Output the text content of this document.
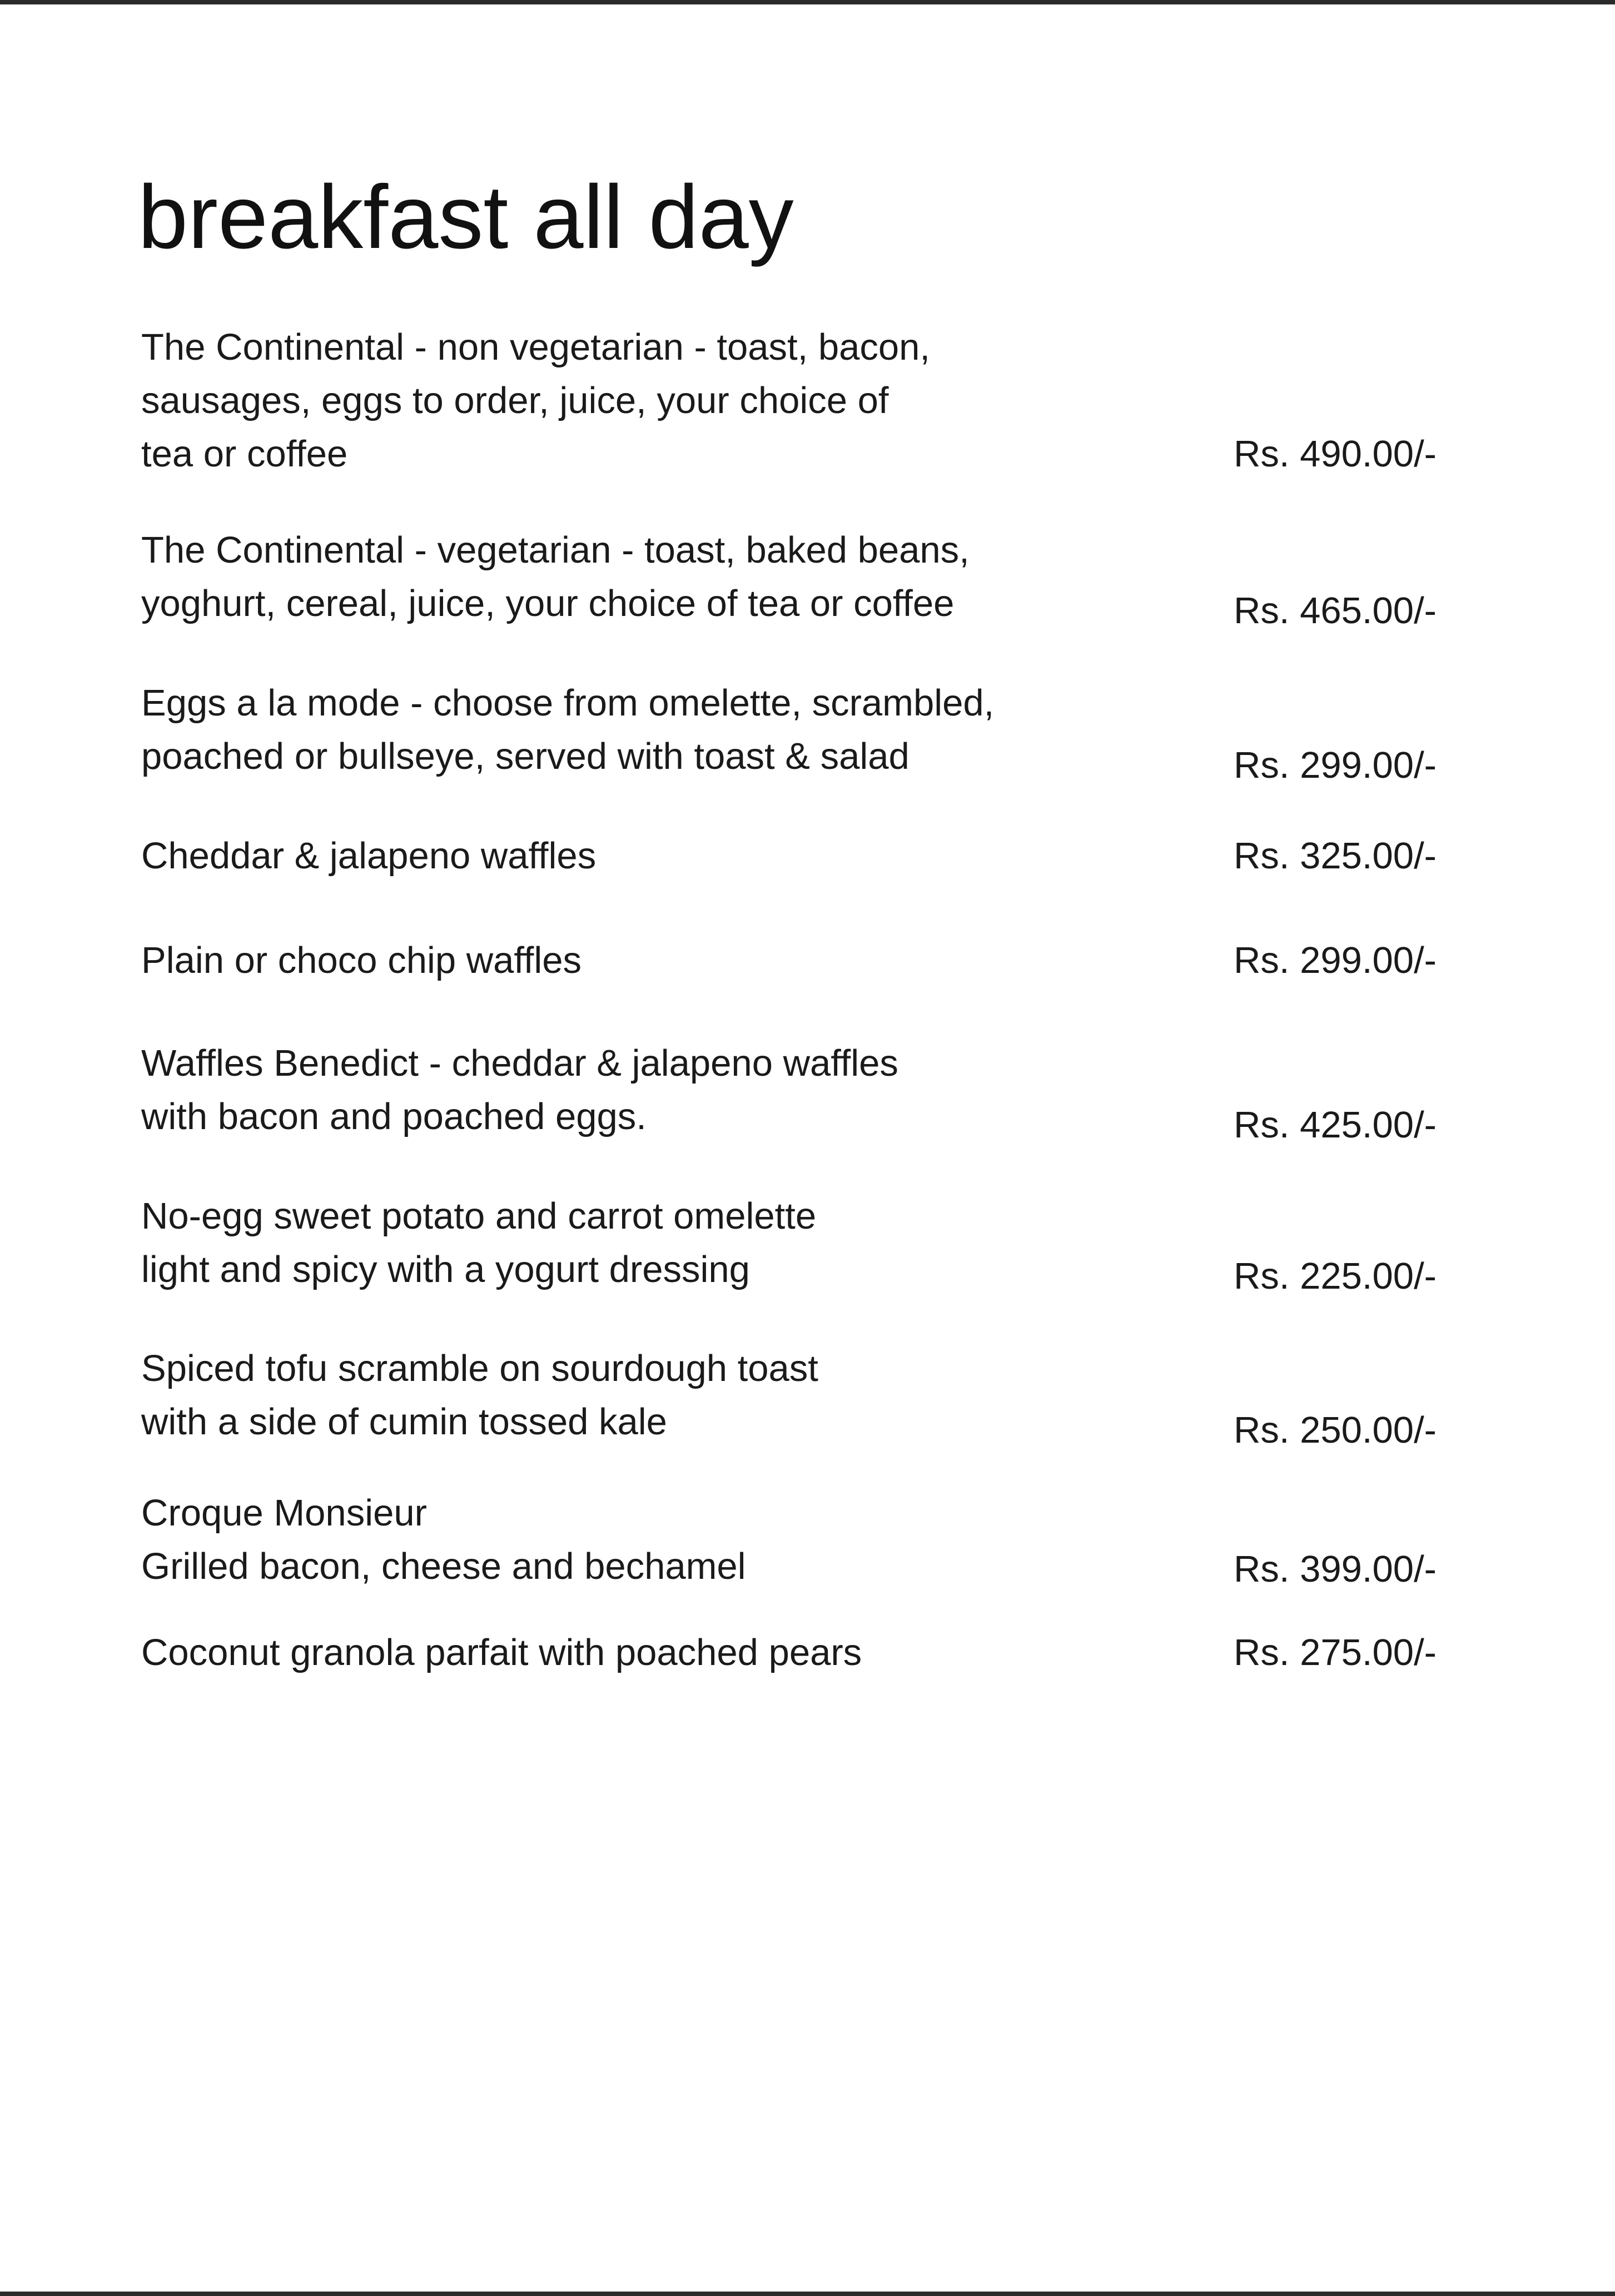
breakfast all day
The Continental - non vegetarian - toast, bacon,
sausages, eggs to order, juice, your choice of
tea or coffee	Rs. 490.00/-
The Continental - vegetarian - toast, baked beans,
yoghurt, cereal, juice, your choice of tea or coffee	Rs. 465.00/-
Eggs a la mode - choose from omelette, scrambled,
poached or bullseye, served with toast & salad	Rs. 299.00/-
Cheddar & jalapeno waffles	Rs. 325.00/-
Plain or choco chip waffles	Rs. 299.00/-
Waffles Benedict - cheddar & jalapeno waffles
with bacon and poached eggs.	Rs. 425.00/-
No-egg sweet potato and carrot omelette
light and spicy with a yogurt dressing	Rs. 225.00/-
Spiced tofu scramble on sourdough toast
with a side of cumin tossed kale	Rs. 250.00/-
Croque Monsieur
Grilled bacon, cheese and bechamel	Rs. 399.00/-
Coconut granola parfait with poached pears	Rs. 275.00/-
